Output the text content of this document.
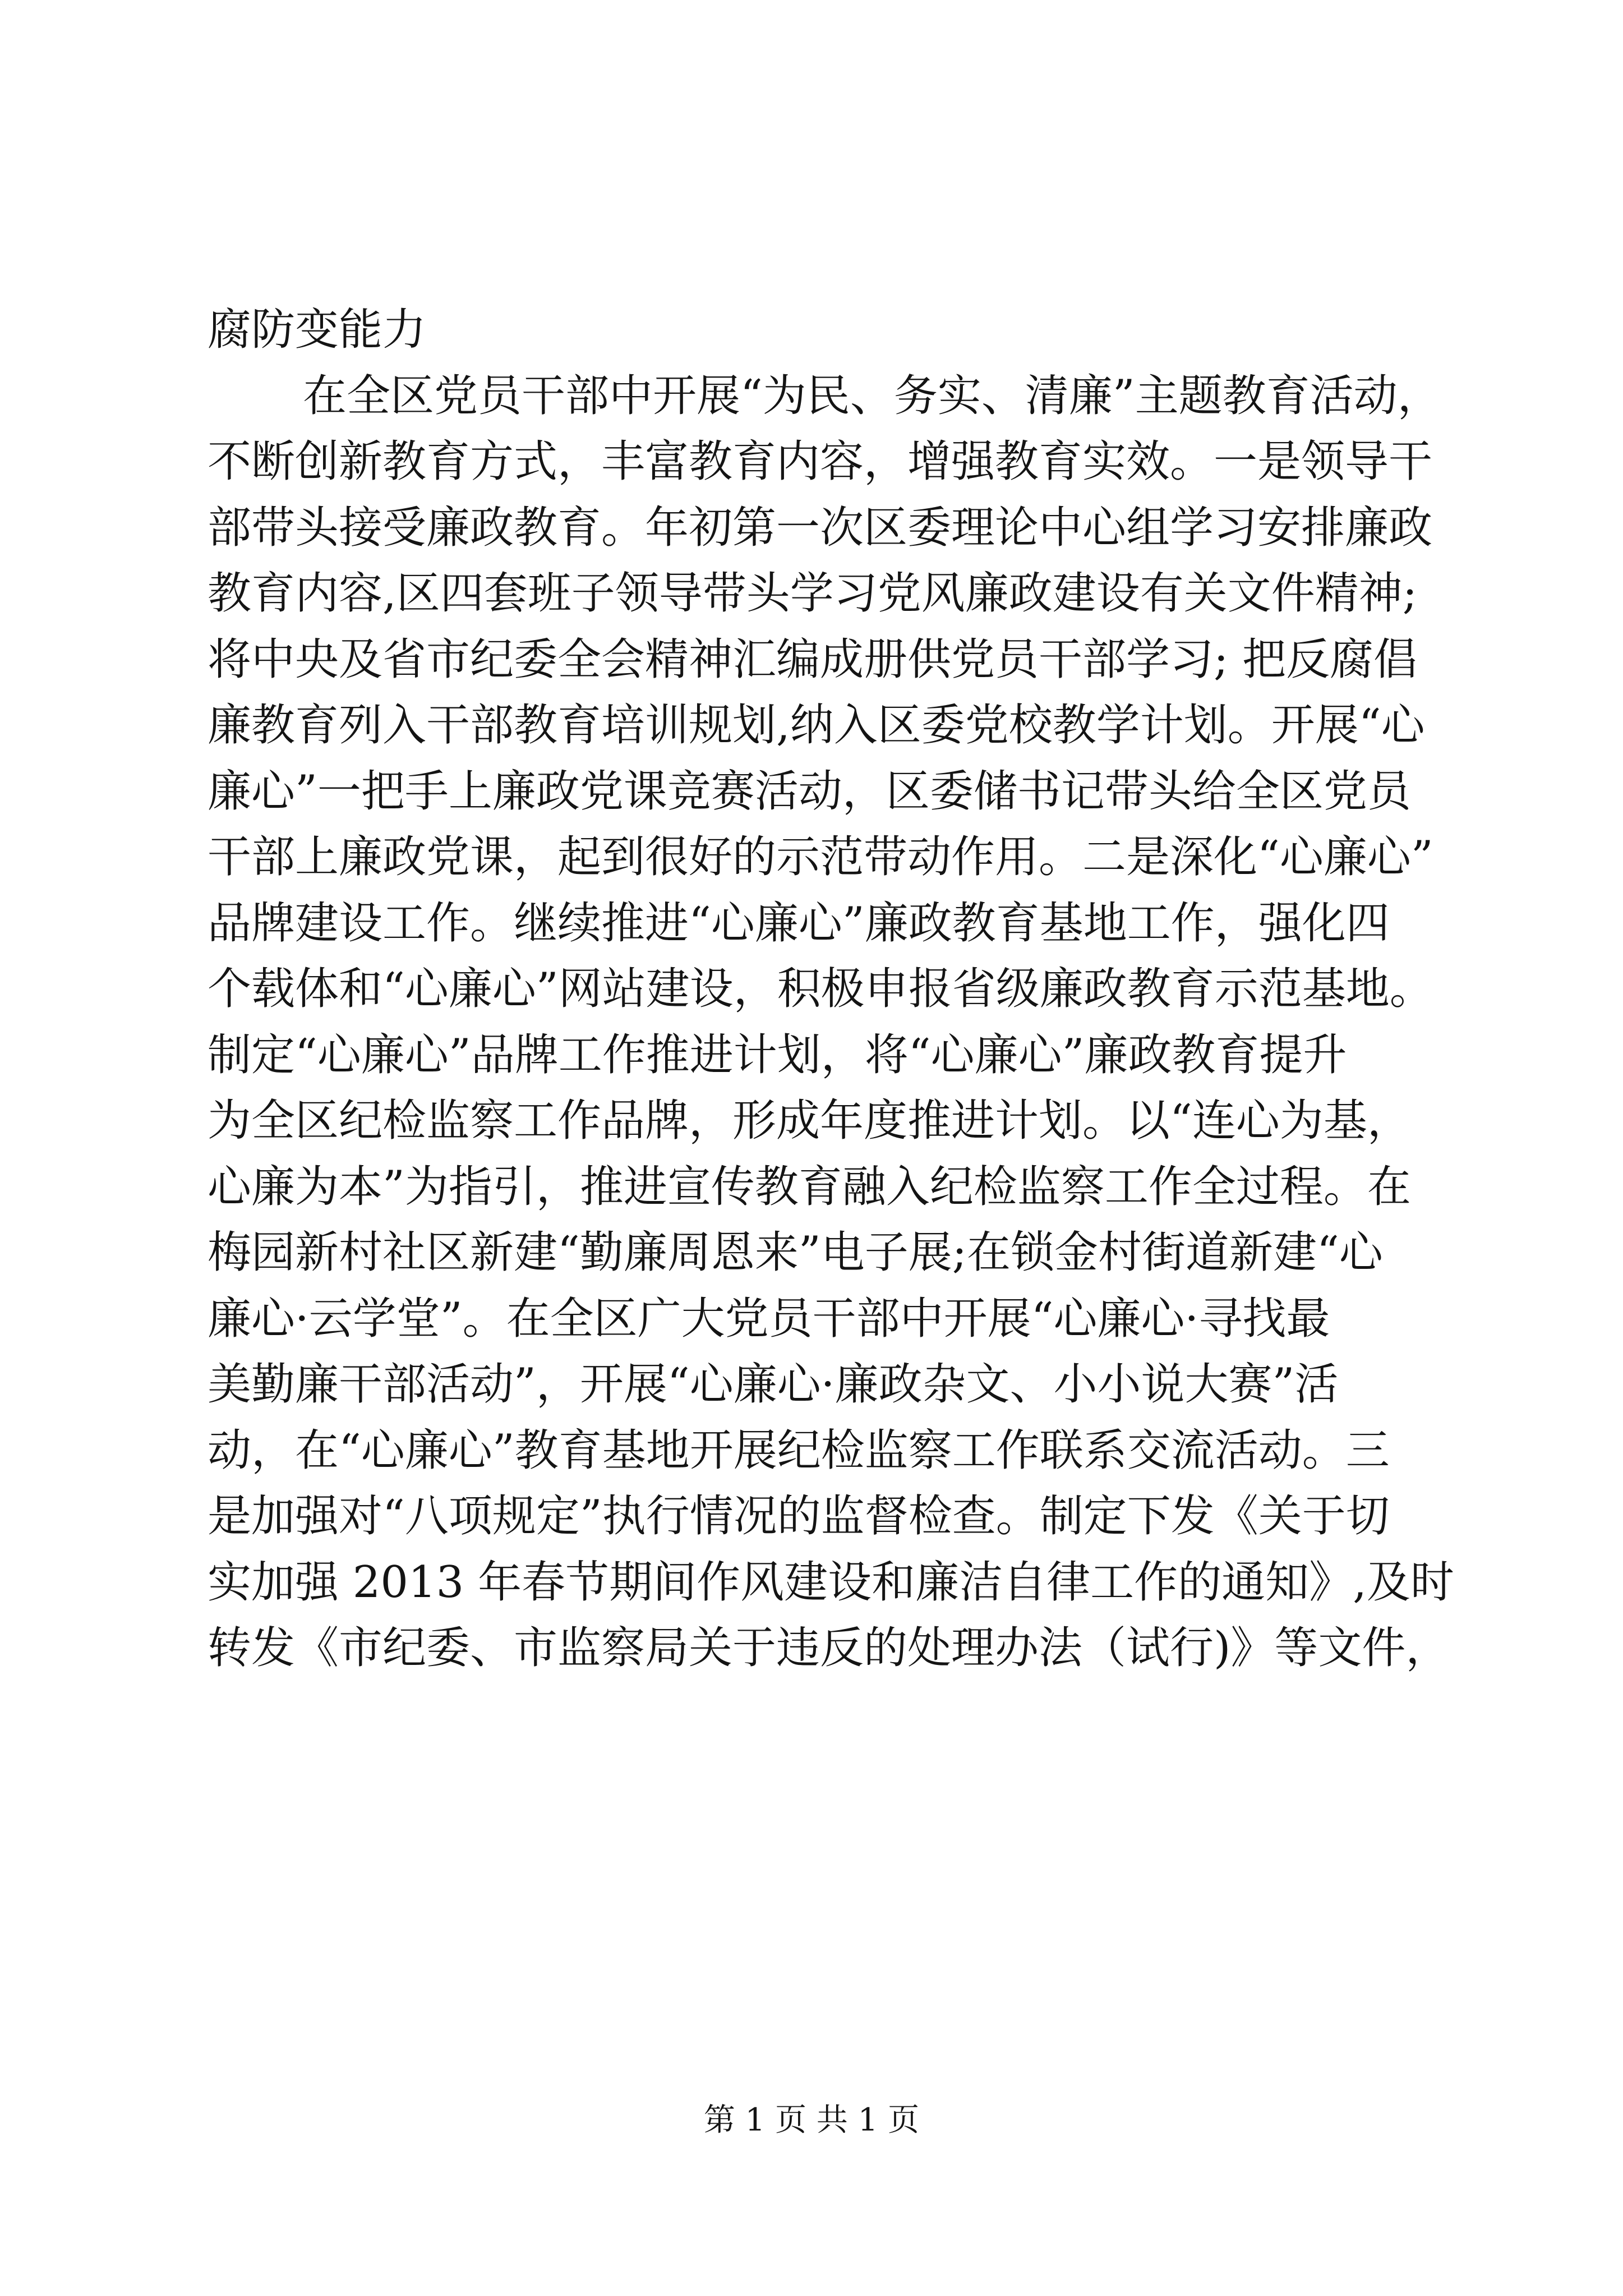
腐防变能力
在全区党员干部中开展“为民、务实、清廉”主题教育活动，
不断创新教育方式，丰富教育内容，增强教育实效。一是领导干
部带头接受廉政教育。年初第一次区委理论中心组学习安排廉政
教育内容,区四套班子领导带头学习党风廉政建设有关文件精神;
将中央及省市纪委全会精神汇编成册供党员干部学习; 把反腐倡
廉教育列入干部教育培训规划,纳入区委党校教学计划。开展“心
廉心”一把手上廉政党课竞赛活动，区委储书记带头给全区党员
干部上廉政党课，起到很好的示范带动作用。二是深化“心廉心”
品牌建设工作。继续推进“心廉心”廉政教育基地工作，强化四
个载体和“心廉心”网站建设，积极申报省级廉政教育示范基地。
制定“心廉心”品牌工作推进计划，将“心廉心”廉政教育提升
为全区纪检监察工作品牌，形成年度推进计划。以“连心为基，
心廉为本”为指引，推进宣传教育融入纪检监察工作全过程。在
梅园新村社区新建“勤廉周恩来”电子展;在锁金村街道新建“心
廉心·云学堂”。在全区广大党员干部中开展“心廉心·寻找最
美勤廉干部活动”，开展“心廉心·廉政杂文、小小说大赛”活
动，在“心廉心”教育基地开展纪检监察工作联系交流活动。三
是加强对“八项规定”执行情况的监督检查。制定下发《关于切
实加强 2013 年春节期间作风建设和廉洁自律工作的通知》,及时
转发《市纪委、市监察局关于违反的处理办法（试行)》等文件，
第 1 页 共 1 页
